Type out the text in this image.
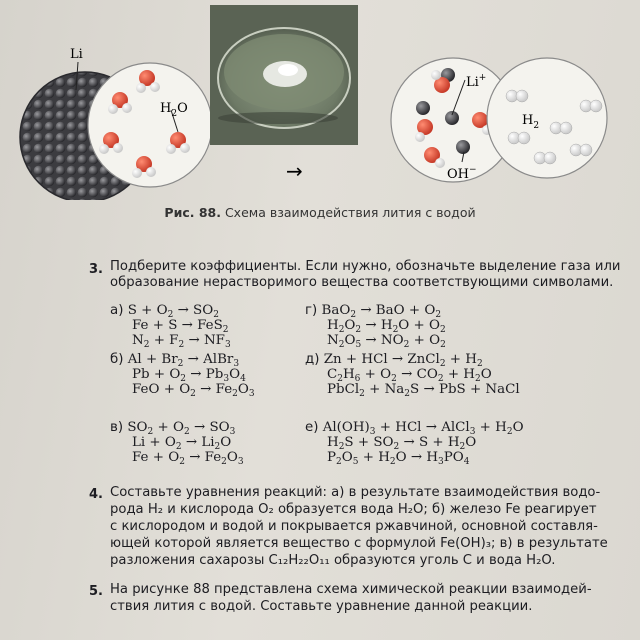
Li
$H_2O$
→
Li+
OH−
$H_2$
Рис. 88. Схема взаимодействия лития с водой
3. Подберите коэффициенты. Если нужно, обозначьте выделение газа или
образование нерастворимого вещества соответствующими символами.
а) $S + O_2 \to SO_2$
Fe + S → FeS$_2$
$N_2 + F_2 \to NF_3$
б) $Al + Br_2$ → AlBr$_3$
$Pb + O_2 \to Pb_3O_4$
FeO + $O_2 \to Fe_2O_3$
в) $SO_2 + O_2 \to SO_3$
$Li + O_2 \to Li_2O$
$Fe + O_2 \to Fe_2O_3$
г) BaO$_2$ → BaO + $O_2$
$H_2O_2 \to H_2O + O_2$
$N_2O_5 \to NO_2 + O_2$
д) Zn + HCl → ZnCl$_2$ + $H_2$
$C_2H_6 + O_2 \to CO_2 + H_2O$
PbCl$_2$ + $Na_2S$ → PbS + NaCl
е) $Al(OH)_3$ + HCl → AlCl$_3$ + $H_2O$
$H_2S + SO_2 \to S + H_2O$
$P_2O_5 + H_2O \to H_3PO_4$
4. Составьте уравнения реакций: а) в результате взаимодействия водо-
рода H₂ и кислорода O₂ образуется вода H₂O; б) железо Fe реагирует
с кислородом и водой и покрывается ржавчиной, основной составля-
ющей которой является вещество с формулой Fe(OH)₃; в) в результате
разложения сахарозы C₁₂H₂₂O₁₁ образуются уголь C и вода H₂O.
5. На рисунке 88 представлена схема химической реакции взаимодей-
ствия лития с водой. Составьте уравнение данной реакции.
